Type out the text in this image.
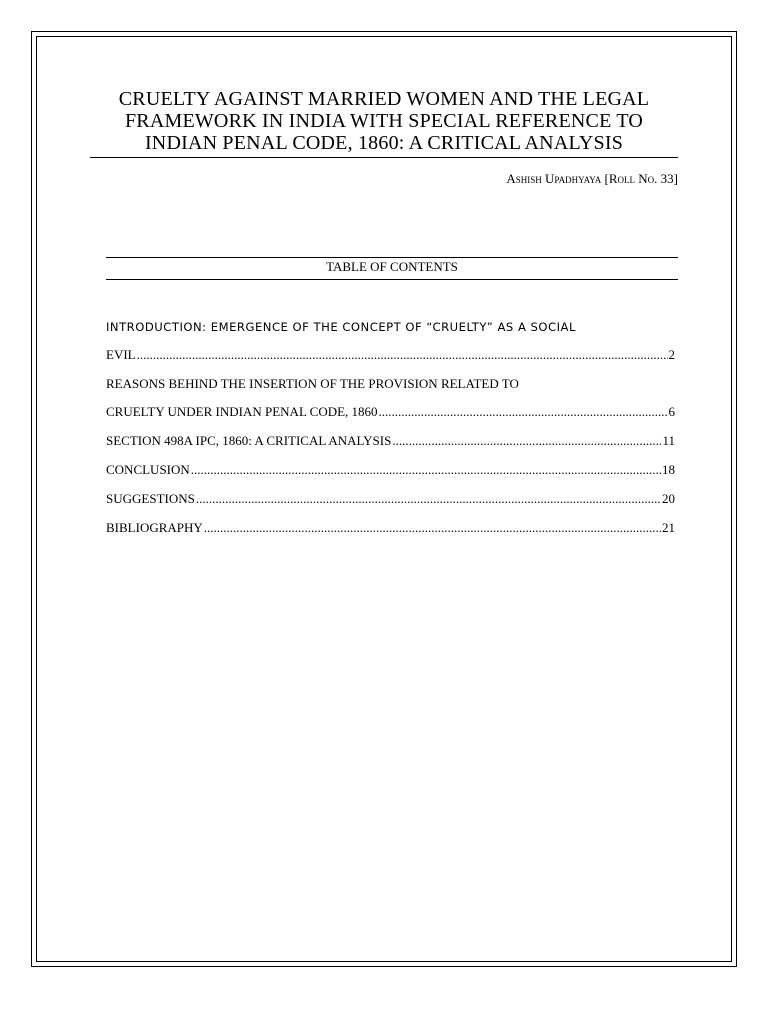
CRUELTY AGAINST MARRIED WOMEN AND THE LEGAL
FRAMEWORK IN INDIA WITH SPECIAL REFERENCE TO
INDIAN PENAL CODE, 1860: A CRITICAL ANALYSIS
Ashish Upadhyaya [Roll No. 33]
TABLE OF CONTENTS
INTRODUCTION: EMERGENCE OF THE CONCEPT OF “CRUELTY” AS A SOCIAL
EVIL .....	2
REASONS BEHIND THE INSERTION OF THE PROVISION RELATED TO
CRUELTY UNDER INDIAN PENAL CODE, 1860 .....	6
SECTION 498A IPC, 1860: A CRITICAL ANALYSIS .....	11
CONCLUSION .....	18
SUGGESTIONS .....	20
BIBLIOGRAPHY .....	21
